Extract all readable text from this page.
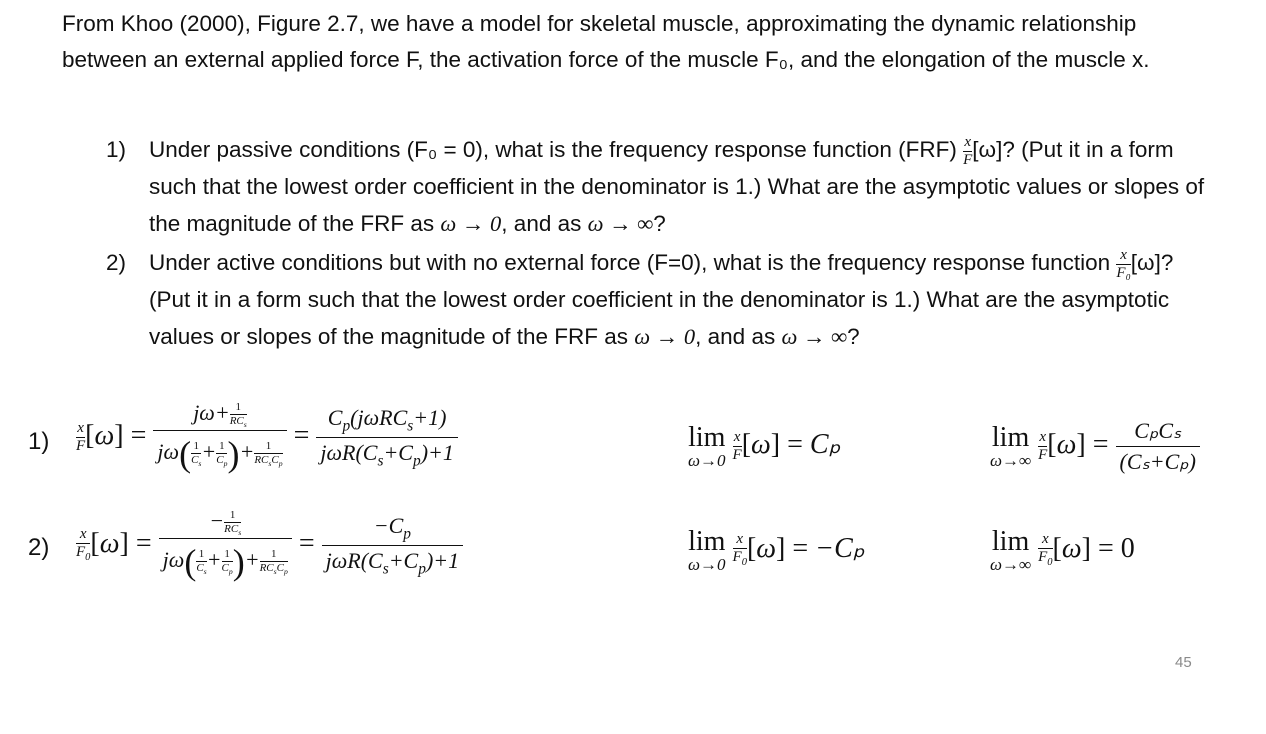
From Khoo (2000), Figure 2.7, we have a model for skeletal muscle, approximating the dynamic relationship between an external applied force F, the activation force of the muscle F₀, and the elongation of the muscle x.

1) Under passive conditions (F₀ = 0), what is the frequency response function $(FRF) \frac{x}{F} [\omega]$? (Put it in a form such that the lowest order coefficient in the denominator is 1.) What are the asymptotic values or slopes of the magnitude of the FRF as ω → 0, and as ω → ∞?
2) Under active conditions but with no external force (F=0), what is the frequency response function $\frac{x}{\text{F₀}} [\omega]$? (Put it in a form such that the lowest order coefficient in the denominator is 1.) What are the asymptotic values or slopes of the magnitude of the FRF as ω → 0, and as ω → ∞?
$1) \frac{x}{F} [\omega]$ =
$j\omega+ \frac{1}{RC_s}$
$j\omega( \frac{1}{C_s} + \frac{1}{C_p}$ )+ $\frac{1}{RC_sC_p}$
=
$C_p(j\omega RC_s+1)$
$j\omega R(C_s+C_p)+1$	lim
ω→0
$\frac{x}{F} [\omega] = C_p$	lim
ω→∞
$\frac{x}{F} [\omega] = C_pC_s$
(Cₛ+Cₚ)
$2) \frac{x}{F_0} [\omega]$ =
− $\frac{1}{RC_s}$
$j\omega( \frac{1}{C_s} + \frac{1}{C_p}$ )+ $\frac{1}{RC_sC_p}$
=
$-C_p$
$j\omega R(C_s+C_p)+1$
lim
ω→0
$\frac{x}{F_0} [\omega] = -C_p$	lim
ω→∞
$\frac{x}{F_0} [\omega] = 0$
45
